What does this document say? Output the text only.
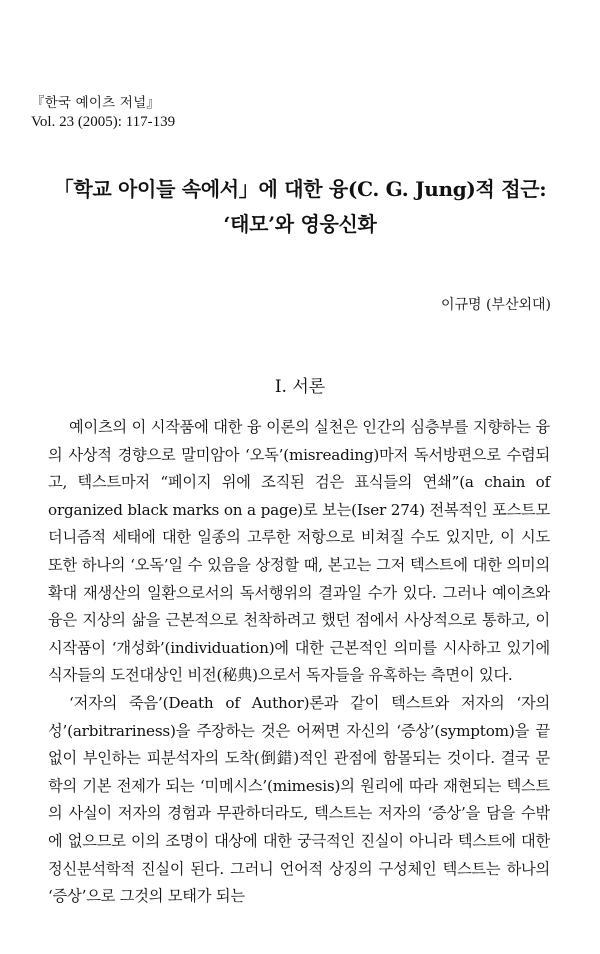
『한국 예이츠 저널』
Vol. 23 (2005): 117-139
「학교 아이들 속에서」에 대한 융(C. G. Jung)적 접근:
‘태모’와 영웅신화
이규명 (부산외대)
I. 서론

예이츠의 이 시작품에 대한 융 이론의 실천은 인간의 심층부를 지향하는 융의 사상적 경향으로 말미암아 ‘오독’(misreading)마저 독서방편으로 수렴되고, 텍스트마저 “페이지 위에 조직된 검은 표식들의 연쇄”(a chain of organized black marks on a page)로 보는(Iser 274) 전복적인 포스트모더니즘적 세태에 대한 일종의 고루한 저항으로 비쳐질 수도 있지만, 이 시도 또한 하나의 ‘오독’일 수 있음을 상정할 때, 본고는 그저 텍스트에 대한 의미의 확대 재생산의 일환으로서의 독서행위의 결과일 수가 있다. 그러나 예이츠와 융은 지상의 삶을 근본적으로 천착하려고 했던 점에서 사상적으로 통하고, 이 시작품이 ‘개성화’(individuation)에 대한 근본적인 의미를 시사하고 있기에 식자들의 도전대상인 비전(秘典)으로서 독자들을 유혹하는 측면이 있다.

‘저자의 죽음’(Death of Author)론과 같이 텍스트와 저자의 ‘자의성’(arbitrariness)을 주장하는 것은 어쩌면 자신의 ‘증상’(symptom)을 끝없이 부인하는 피분석자의 도착(倒錯)적인 관점에 함몰되는 것이다. 결국 문학의 기본 전제가 되는 ‘미메시스’(mimesis)의 원리에 따라 재현되는 텍스트의 사실이 저자의 경험과 무관하더라도, 텍스트는 저자의 ‘증상’을 담을 수밖에 없으므로 이의 조명이 대상에 대한 궁극적인 진실이 아니라 텍스트에 대한 정신분석학적 진실이 된다. 그러니 언어적 상징의 구성체인 텍스트는 하나의 ‘증상’으로 그것의 모태가 되는
